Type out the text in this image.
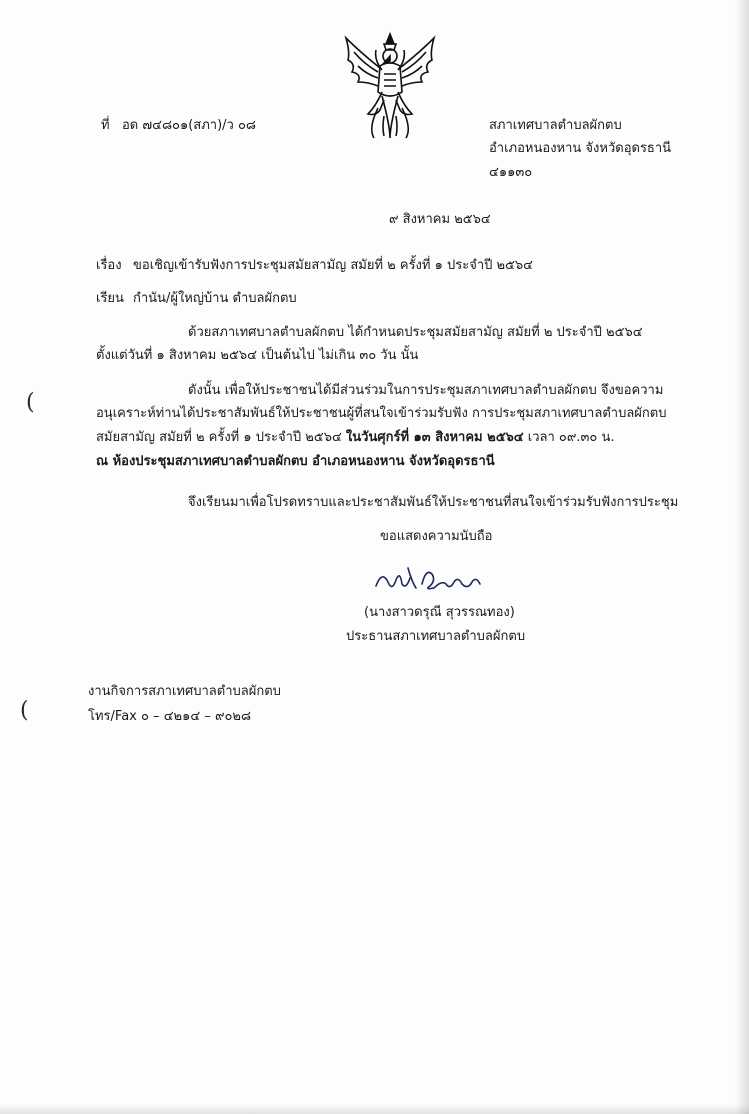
ที่ อด ๗๔๘๐๑(สภา)/ว ๐๘	สภาเทศบาลตำบลผักตบ
อำเภอหนองหาน จังหวัดอุดรธานี
๔๑๑๓๐
๙ สิงหาคม ๒๕๖๔
เรื่อง ขอเชิญเข้ารับฟังการประชุมสมัยสามัญ สมัยที่ ๒ ครั้งที่ ๑ ประจำปี ๒๕๖๔
เรียน กำนัน/ผู้ใหญ่บ้าน ตำบลผักตบ
ด้วยสภาเทศบาลตำบลผักตบ ได้กำหนดประชุมสมัยสามัญ สมัยที่ ๒ ประจำปี ๒๕๖๔
ตั้งแต่วันที่ ๑ สิงหาคม ๒๕๖๔ เป็นต้นไป ไม่เกิน ๓๐ วัน นั้น
ดังนั้น เพื่อให้ประชาชนได้มีส่วนร่วมในการประชุมสภาเทศบาลตำบลผักตบ จึงขอความ
อนุเคราะห์ท่านได้ประชาสัมพันธ์ให้ประชาชนผู้ที่สนใจเข้าร่วมรับฟัง การประชุมสภาเทศบาลตำบลผักตบ
สมัยสามัญ สมัยที่ ๒ ครั้งที่ ๑ ประจำปี ๒๕๖๔ ในวันศุกร์ที่ ๑๓ สิงหาคม ๒๕๖๔ เวลา ๐๙.๓๐ น.
ณ ห้องประชุมสภาเทศบาลตำบลผักตบ อำเภอหนองหาน จังหวัดอุดรธานี
จึงเรียนมาเพื่อโปรดทราบและประชาสัมพันธ์ให้ประชาชนที่สนใจเข้าร่วมรับฟังการประชุม
ขอแสดงความนับถือ
(นางสาวดรุณี สุวรรณทอง)
ประธานสภาเทศบาลตำบลผักตบ
งานกิจการสภาเทศบาลตำบลผักตบ
โทร/Fax ๐ – ๔๒๑๔ – ๙๐๒๘
(
(
